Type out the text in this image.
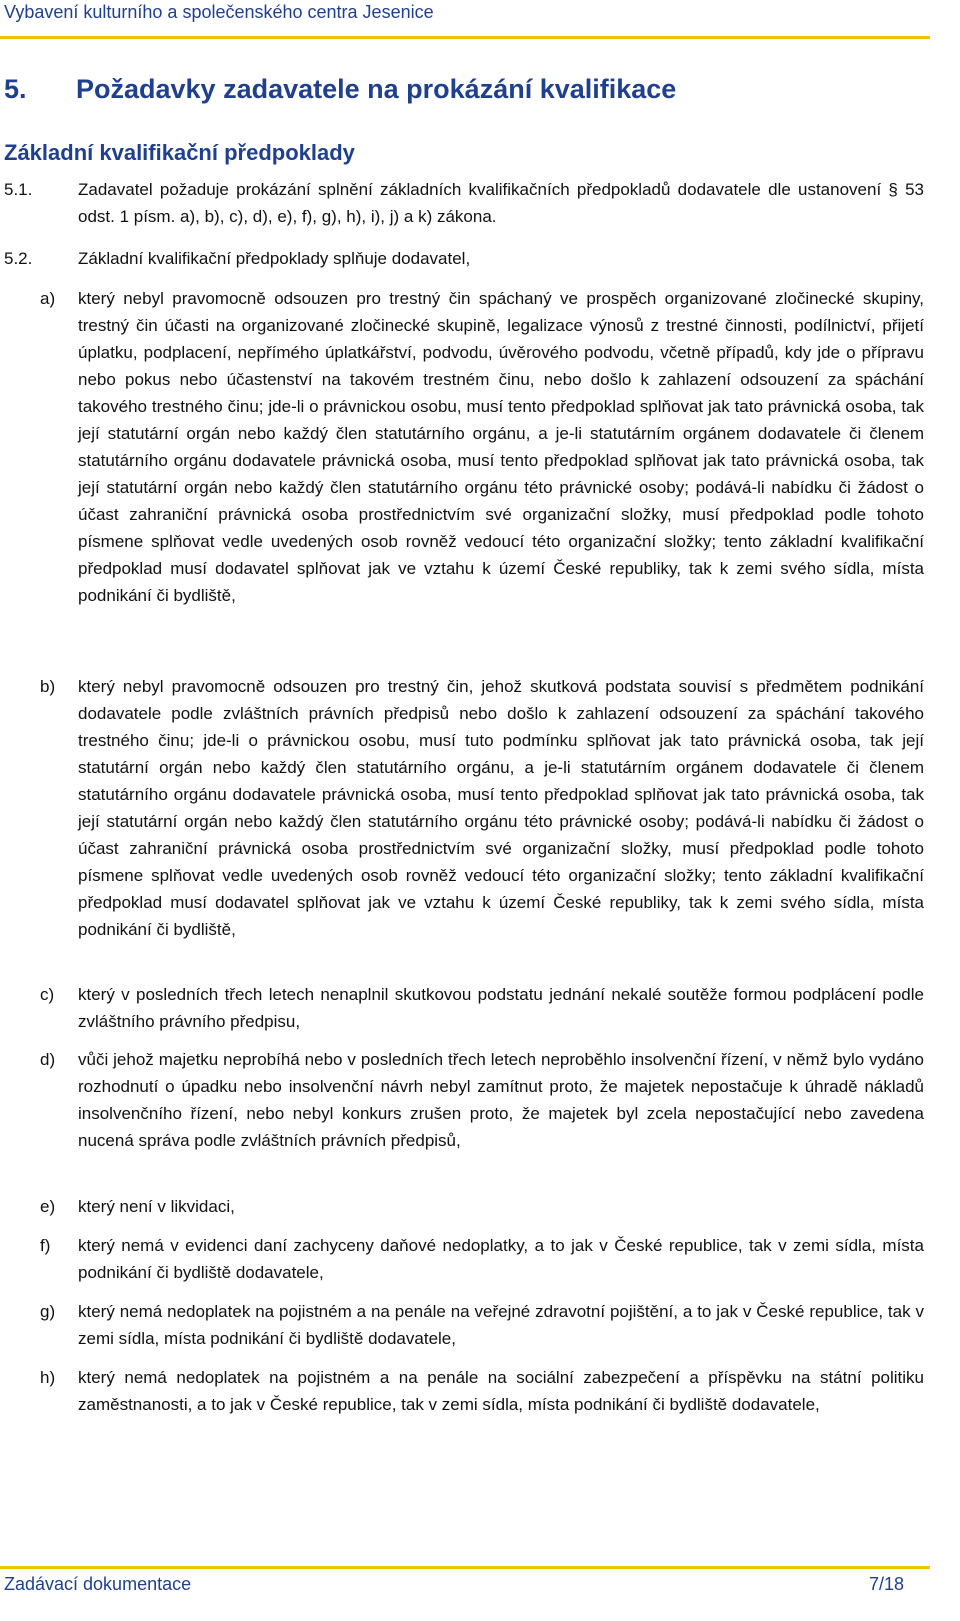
Vybavení kulturního a společenského centra Jesenice
5. Požadavky zadavatele na prokázání kvalifikace
Základní kvalifikační předpoklady
5.1.	Zadavatel požaduje prokázání splnění základních kvalifikačních předpokladů dodavatele dle ustanovení § 53 odst. 1 písm. a), b), c), d), e), f), g), h), i), j) a k) zákona.
5.2.	Základní kvalifikační předpoklady splňuje dodavatel,
a) který nebyl pravomocně odsouzen pro trestný čin spáchaný ve prospěch organizované zločinecké skupiny, trestný čin účasti na organizované zločinecké skupině, legalizace výnosů z trestné činnosti, podílnictví, přijetí úplatku, podplacení, nepřímého úplatkářství, podvodu, úvěrového podvodu, včetně případů, kdy jde o přípravu nebo pokus nebo účastenství na takovém trestném činu, nebo došlo k zahlazení odsouzení za spáchání takového trestného činu; jde-li o právnickou osobu, musí tento předpoklad splňovat jak tato právnická osoba, tak její statutární orgán nebo každý člen statutárního orgánu, a je-li statutárním orgánem dodavatele či členem statutárního orgánu dodavatele právnická osoba, musí tento předpoklad splňovat jak tato právnická osoba, tak její statutární orgán nebo každý člen statutárního orgánu této právnické osoby; podává-li nabídku či žádost o účast zahraniční právnická osoba prostřednictvím své organizační složky, musí předpoklad podle tohoto písmene splňovat vedle uvedených osob rovněž vedoucí této organizační složky; tento základní kvalifikační předpoklad musí dodavatel splňovat jak ve vztahu k území České republiky, tak k zemi svého sídla, místa podnikání či bydliště,
b) který nebyl pravomocně odsouzen pro trestný čin, jehož skutková podstata souvisí s předmětem podnikání dodavatele podle zvláštních právních předpisů nebo došlo k zahlazení odsouzení za spáchání takového trestného činu; jde-li o právnickou osobu, musí tuto podmínku splňovat jak tato právnická osoba, tak její statutární orgán nebo každý člen statutárního orgánu, a je-li statutárním orgánem dodavatele či členem statutárního orgánu dodavatele právnická osoba, musí tento předpoklad splňovat jak tato právnická osoba, tak její statutární orgán nebo každý člen statutárního orgánu této právnické osoby; podává-li nabídku či žádost o účast zahraniční právnická osoba prostřednictvím své organizační složky, musí předpoklad podle tohoto písmene splňovat vedle uvedených osob rovněž vedoucí této organizační složky; tento základní kvalifikační předpoklad musí dodavatel splňovat jak ve vztahu k území České republiky, tak k zemi svého sídla, místa podnikání či bydliště,
c) který v posledních třech letech nenaplnil skutkovou podstatu jednání nekalé soutěže formou podplácení podle zvláštního právního předpisu,
d) vůči jehož majetku neprobíhá nebo v posledních třech letech neproběhlo insolvenční řízení, v němž bylo vydáno rozhodnutí o úpadku nebo insolvenční návrh nebyl zamítnut proto, že majetek nepostačuje k úhradě nákladů insolvenčního řízení, nebo nebyl konkurs zrušen proto, že majetek byl zcela nepostačující nebo zavedena nucená správa podle zvláštních právních předpisů,
e) který není v likvidaci,
f) který nemá v evidenci daní zachyceny daňové nedoplatky, a to jak v České republice, tak v zemi sídla, místa podnikání či bydliště dodavatele,
g) který nemá nedoplatek na pojistném a na penále na veřejné zdravotní pojištění, a to jak v České republice, tak v zemi sídla, místa podnikání či bydliště dodavatele,
h) který nemá nedoplatek na pojistném a na penále na sociální zabezpečení a příspěvku na státní politiku zaměstnanosti, a to jak v České republice, tak v zemi sídla, místa podnikání či bydliště dodavatele,
Zadávací dokumentace	7/18
